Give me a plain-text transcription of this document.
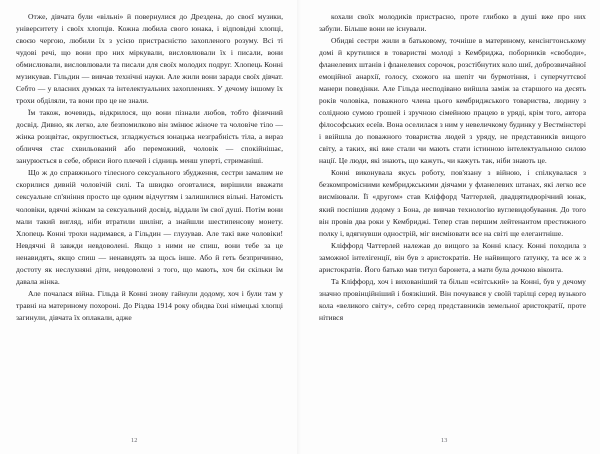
Отже, дівчата були «вільні» й повернулися до Дрездена, до своєї музики, університету і своїх хлопців. Кожна любила свого юнака, і відповідні хлопці, своєю чергою, любили їх з усією пристрасністю захопленого розуму. Всі ті чудові речі, що вони про них міркували, висловлювали їх і писали, вони обмислювали, висловлювали та писали для своїх молодих подруг. Хлопець Конні музикував. Гільдин — вивчав технічні науки. Але жили вони заради своїх дівчат. Себто — у власних думках та інтелектуальних захопленнях. У дечому іншому їх трохи обділяли, та вони про це не знали.

Їм також, вочевидь, відкрилося, що вони пізнали любов, тобто фізичний досвід. Дивно, як легко, але безпомилково він змінює жіноче та чоловіче тіло — жінка розцвітає, округлюється, згладжується юнацька незграбність тіла, а вираз обличчя стає схвильований або переможний, чоловік — спокійнішає, занурюється в себе, обриси його плечей і сідниць менш уперті, стриманіші.

Що ж до справжнього тілесного сексуального збудження, сестри замалим не скорилися дивній чоловічій силі. Та швидко оговталися, вирішили вважати сексуальне сп'яніння просто ще одним відчуттям і залишилися вільні. Натомість чоловіки, вдячні жінкам за сексуальний досвід, віддали їм свої душі. Потім вони мали такий вигляд, ніби втратили шилінг, а знайшли шестипенсову монету. Хлопець Конні трохи надимався, а Гільдин — глузував. Але такі вже чоловіки! Невдячні й завжди невдоволені. Якщо з ними не спиш, вони тебе за це ненавидять, якщо спиш — ненавидять за щось інше. Або й геть безпричинно, достоту як неслухняні діти, невдоволені з того, що мають, хоч би скільки їм давала жінка.

Але почалася війна. Гільда й Конні знову гайнули додому, хоч і були там у травні на материному похороні. До Різдва 1914 року обидва їхні німецькі хлопці загинули, дівчата їх оплакали, адже

12

кохали своїх молодиків пристрасно, проте глибоко в душі вже про них забули. Більше вони не існували.

Обидві сестри жили в батьковому, точніше в материному, кенсінгтонському домі й крутилися в товаристві молоді з Кембриджа, поборників «свободи», фланелевих штанів і фланелевих сорочок, розстібнутих коло шиї, доброзвичайної емоційної анархії, голосу, схожого на шепіт чи бурмотіння, і суперчуттєвої манери поведінки. Але Гільда несподівано вийшла заміж за старшого на десять років чоловіка, поважного члена цього кембриджського товариства, людину з солідною сумою грошей і зручною сімейною працею в уряді, крім того, автора філософських есеїв. Вона оселилася з ним у невеличкому будинку у Вестмінстері і ввійшла до поважного товариства людей з уряду, не представників вищого світу, а таких, які вже стали чи мають стати істинною інтелектуальною силою нації. Це люди, які знають, що кажуть, чи кажуть так, ніби знають це.

Конні виконувала якусь роботу, пов'язану з війною, і спілкувалася з безкомпромісними кембриджськими діячами у фланелевих штанах, які легко все висміювали. Її «другом» став Кліффорд Чаттерлей, двадцятидворічний юнак, який поспішив додому з Бона, де вивчав технологію вуглевидобування. До того він провів два роки у Кембриджі. Тепер став першим лейтенантом престижного полку і, вдягнувши однострій, міг висміювати все на світі ще елегантніше.

Кліффорд Чаттерлей належав до вищого за Конні класу. Конні походила з заможної інтелігенції, він був з аристократів. Не найвищого ґатунку, та все ж з аристократів. Його батько мав титул баронета, а мати була дочкою віконта.

Та Кліффорд, хоч і вихованіший та більш «світський» за Конні, був у дечому значно провінційніший і боязкіший. Він почувався у своїй тарілці серед вузького кола «великого світу», себто серед представників земельної аристократії, проте нітився

13
